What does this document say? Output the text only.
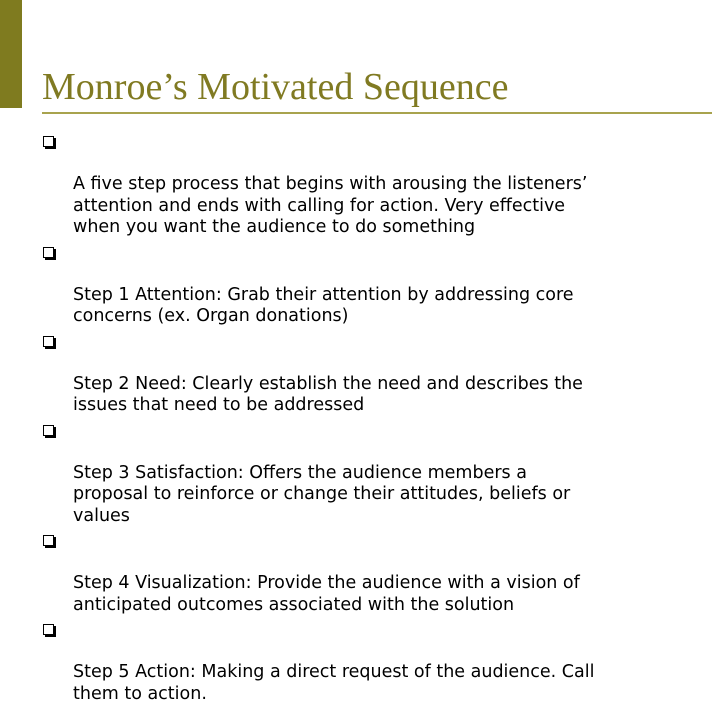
Monroe’s Motivated Sequence

A five step process that begins with arousing the listeners’
attention and ends with calling for action. Very effective
when you want the audience to do something

Step 1 Attention: Grab their attention by addressing core
concerns (ex. Organ donations)

Step 2 Need: Clearly establish the need and describes the
issues that need to be addressed

Step 3 Satisfaction: Offers the audience members a
proposal to reinforce or change their attitudes, beliefs or
values

Step 4 Visualization: Provide the audience with a vision of
anticipated outcomes associated with the solution

Step 5 Action: Making a direct request of the audience. Call
them to action.
